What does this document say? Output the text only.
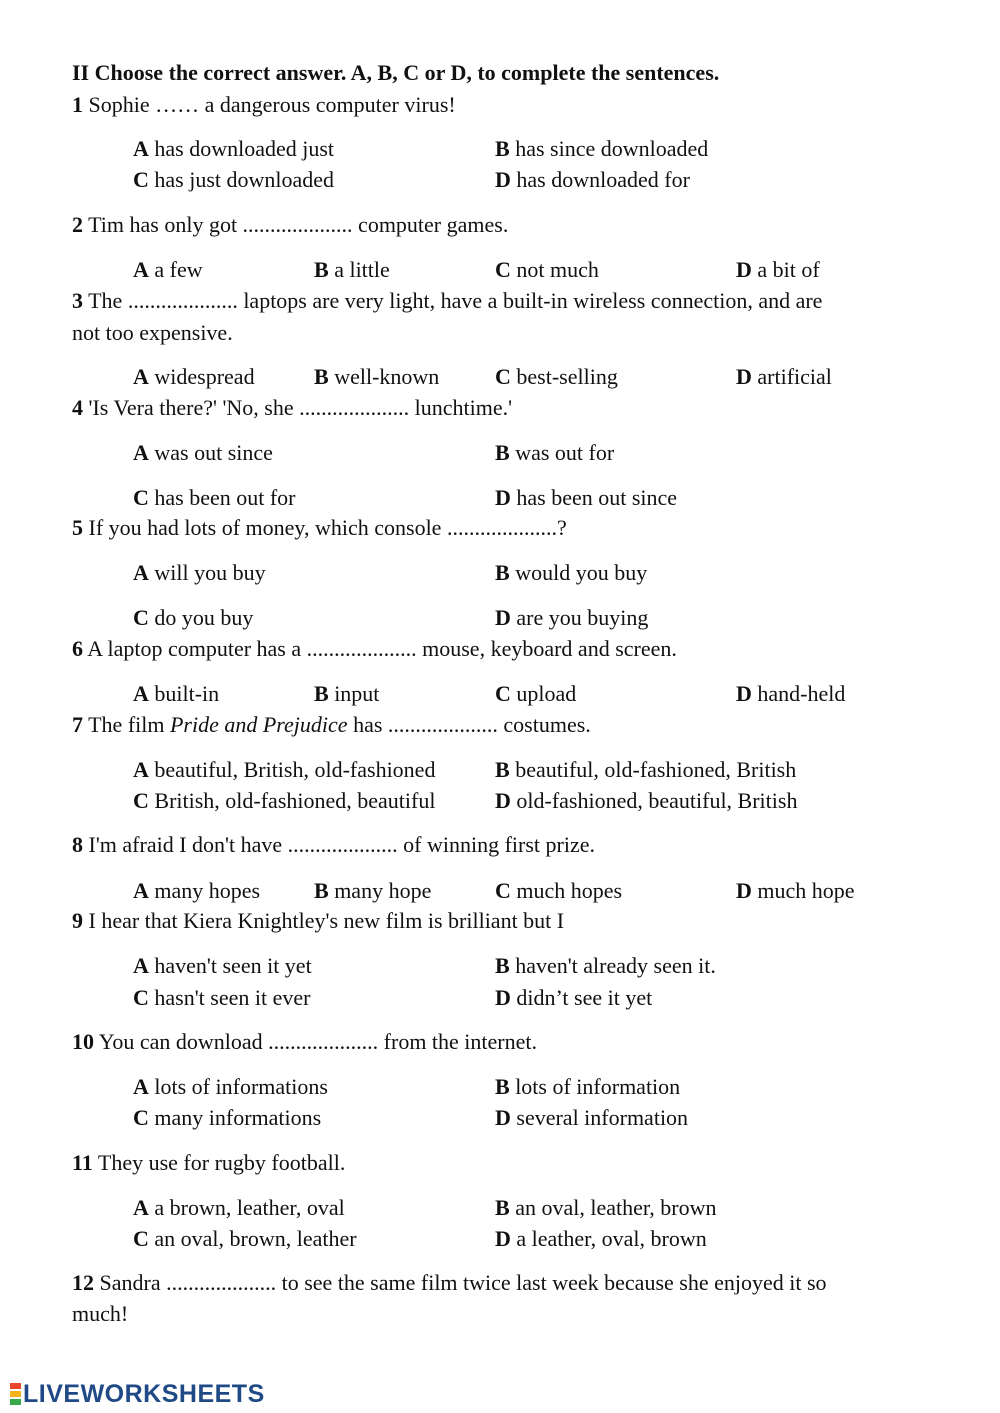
II Choose the correct answer. A, B, C or D, to complete the sentences.
1 Sophie …… a dangerous computer virus!
A has downloaded just	B has since downloaded
C has just downloaded	D has downloaded for
2 Tim has only got .................... computer games.
A a few	B a little	C not much	D a bit of
3 The .................... laptops are very light, have a built-in wireless connection, and are
not too expensive.
A widespread	B well-known	C best-selling	D artificial
4 'Is Vera there?' 'No, she .................... lunchtime.'
A was out since	B was out for
C has been out for	D has been out since
5 If you had lots of money, which console ....................?
A will you buy	B would you buy
C do you buy	D are you buying
6 A laptop computer has a .................... mouse, keyboard and screen.
A built-in	B input	C upload	D hand-held
7 The film Pride and Prejudice has .................... costumes.
A beautiful, British, old-fashioned	B beautiful, old-fashioned, British
C British, old-fashioned, beautiful	D old-fashioned, beautiful, British
8 I'm afraid I don't have .................... of winning first prize.
A many hopes B many hope	C much hopes	D much hope
9 I hear that Kiera Knightley's new film is brilliant but I
A haven't seen it yet	B haven't already seen it.
C hasn't seen it ever	D didn’t see it yet
10 You can download .................... from the internet.
A lots of informations	B lots of information
C many informations	D several information
11 They use for rugby football.
A a brown, leather, oval	B an oval, leather, brown
C an oval, brown, leather	D a leather, oval, brown
12 Sandra .................... to see the same film twice last week because she enjoyed it so
much!
LIVEWORKSHEETS
